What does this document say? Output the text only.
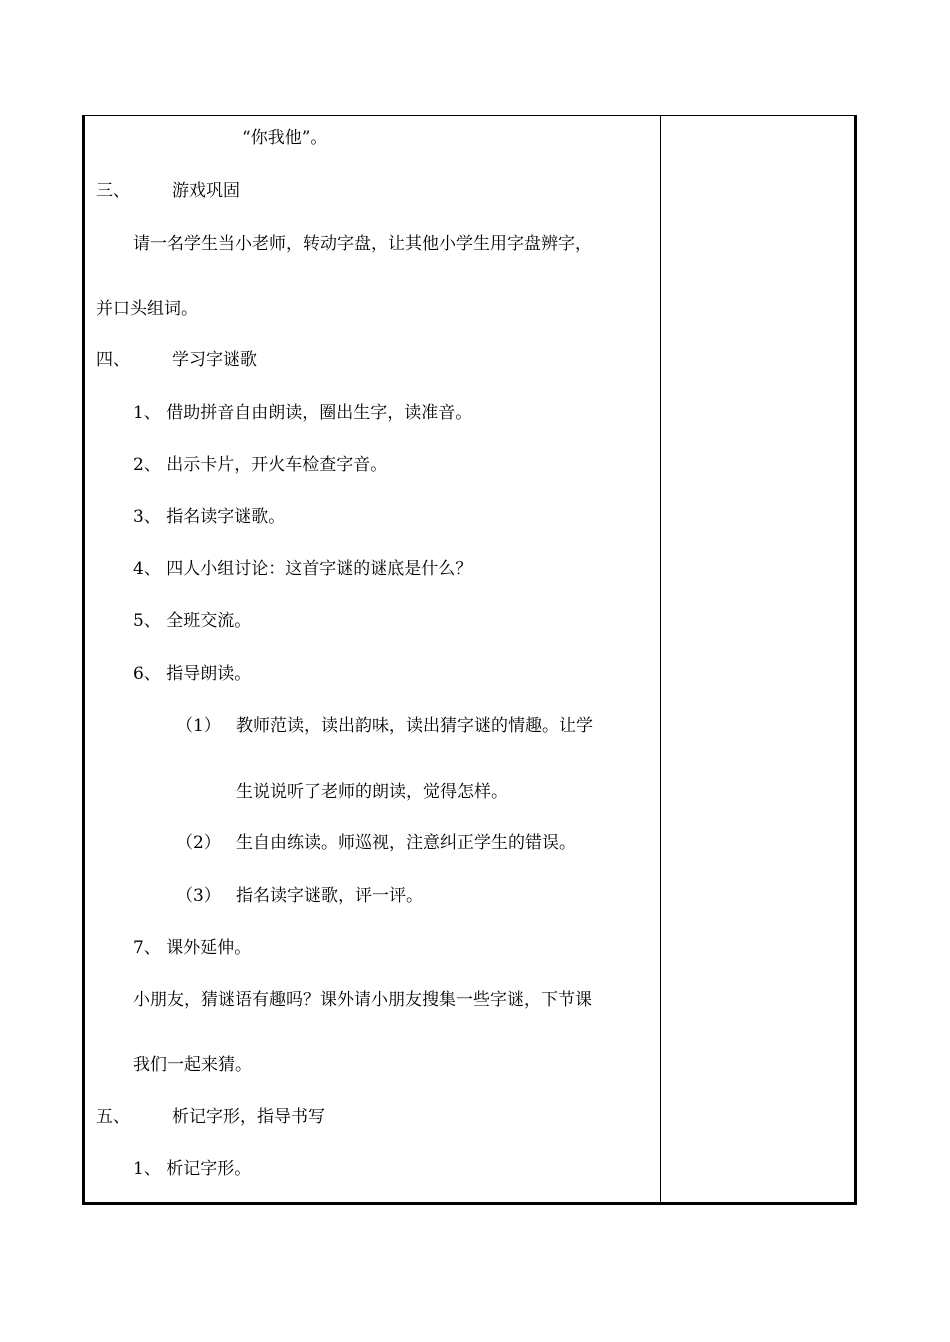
“你我他”。
三、 游戏巩固
请一名学生当小老师，转动字盘，让其他小学生用字盘辨字，
并口头组词。
四、 学习字谜歌
1、 借助拼音自由朗读，圈出生字，读准音。
2、 出示卡片，开火车检查字音。
3、 指名读字谜歌。
4、 四人小组讨论：这首字谜的谜底是什么？
5、 全班交流。
6、 指导朗读。
（1） 教师范读，读出韵味，读出猜字谜的情趣。让学
生说说听了老师的朗读，觉得怎样。
（2） 生自由练读。师巡视，注意纠正学生的错误。
（3） 指名读字谜歌，评一评。
7、 课外延伸。
小朋友，猜谜语有趣吗？课外请小朋友搜集一些字谜，下节课
我们一起来猜。
五、 析记字形，指导书写
1、 析记字形。
